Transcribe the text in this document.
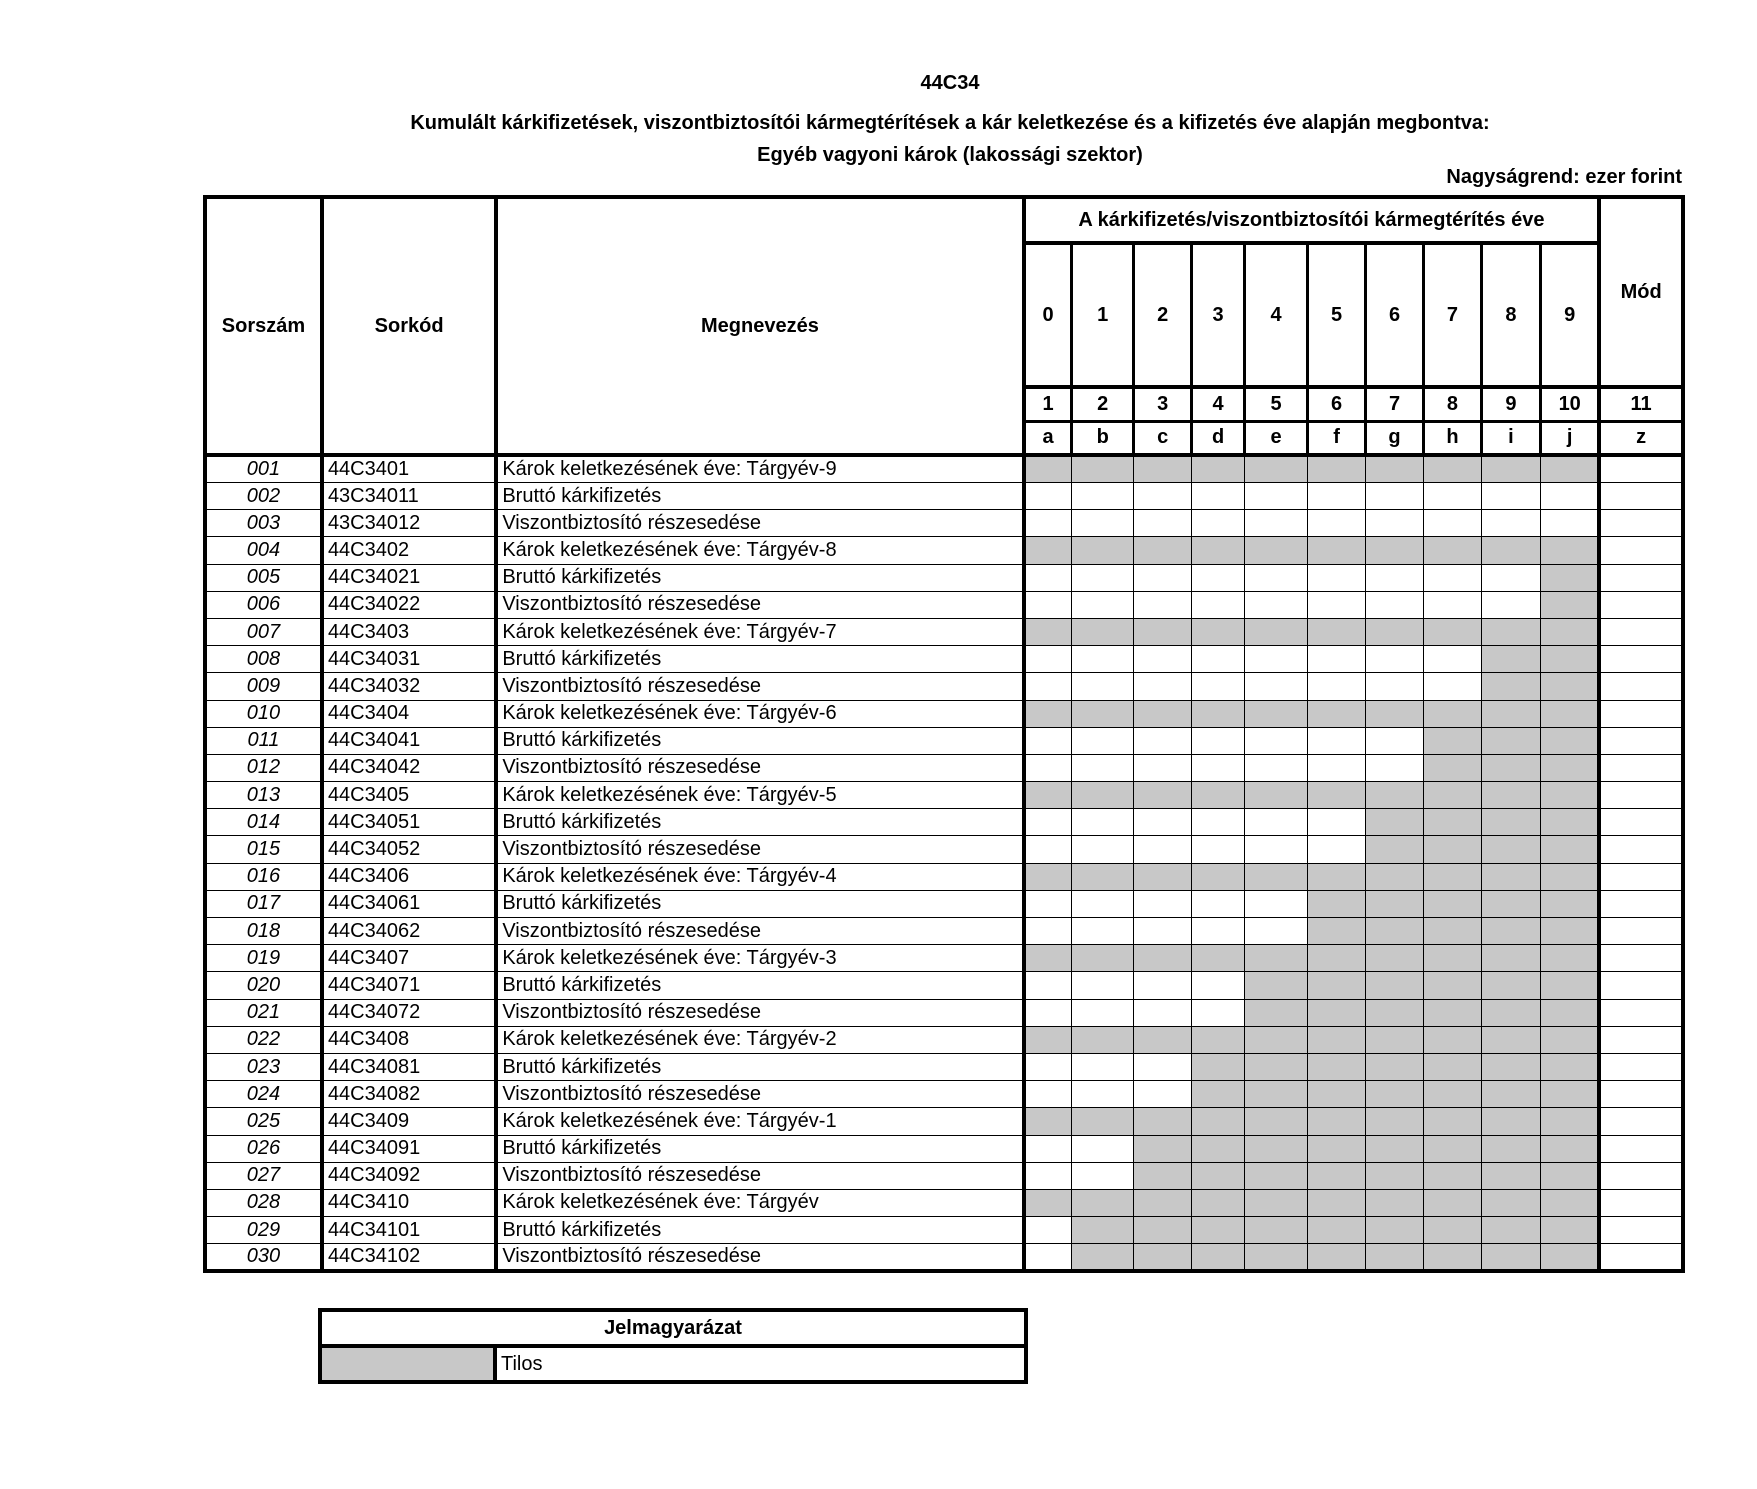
44C34
Kumulált kárkifizetések, viszontbiztosítói kármegtérítések a kár keletkezése és a kifizetés éve alapján megbontva:
Egyéb vagyoni károk (lakossági szektor)
Nagyságrend: ezer forint
Sorszám	Sorkód	Megnevezés	A kárkifizetés/viszontbiztosítói kármegtérítés éve										Mód
			0	1	2	3	4	5	6	7	8	9	
			1	2	3	4	5	6	7	8	9	10	11
			a	b	c	d	e	f	g	h	i	j	z
001	44C3401	Károk keletkezésének éve: Tárgyév-9											
002	43C34011	Bruttó kárkifizetés											
003	43C34012	Viszontbiztosító részesedése											
004	44C3402	Károk keletkezésének éve: Tárgyév-8											
005	44C34021	Bruttó kárkifizetés											
006	44C34022	Viszontbiztosító részesedése											
007	44C3403	Károk keletkezésének éve: Tárgyév-7											
008	44C34031	Bruttó kárkifizetés											
009	44C34032	Viszontbiztosító részesedése											
010	44C3404	Károk keletkezésének éve: Tárgyév-6											
011	44C34041	Bruttó kárkifizetés											
012	44C34042	Viszontbiztosító részesedése											
013	44C3405	Károk keletkezésének éve: Tárgyév-5											
014	44C34051	Bruttó kárkifizetés											
015	44C34052	Viszontbiztosító részesedése											
016	44C3406	Károk keletkezésének éve: Tárgyév-4											
017	44C34061	Bruttó kárkifizetés											
018	44C34062	Viszontbiztosító részesedése											
019	44C3407	Károk keletkezésének éve: Tárgyév-3											
020	44C34071	Bruttó kárkifizetés											
021	44C34072	Viszontbiztosító részesedése											
022	44C3408	Károk keletkezésének éve: Tárgyév-2											
023	44C34081	Bruttó kárkifizetés											
024	44C34082	Viszontbiztosító részesedése											
025	44C3409	Károk keletkezésének éve: Tárgyév-1											
026	44C34091	Bruttó kárkifizetés											
027	44C34092	Viszontbiztosító részesedése											
028	44C3410	Károk keletkezésének éve: Tárgyév											
029	44C34101	Bruttó kárkifizetés											
030	44C34102	Viszontbiztosító részesedése											
Jelmagyarázat
	Tilos
